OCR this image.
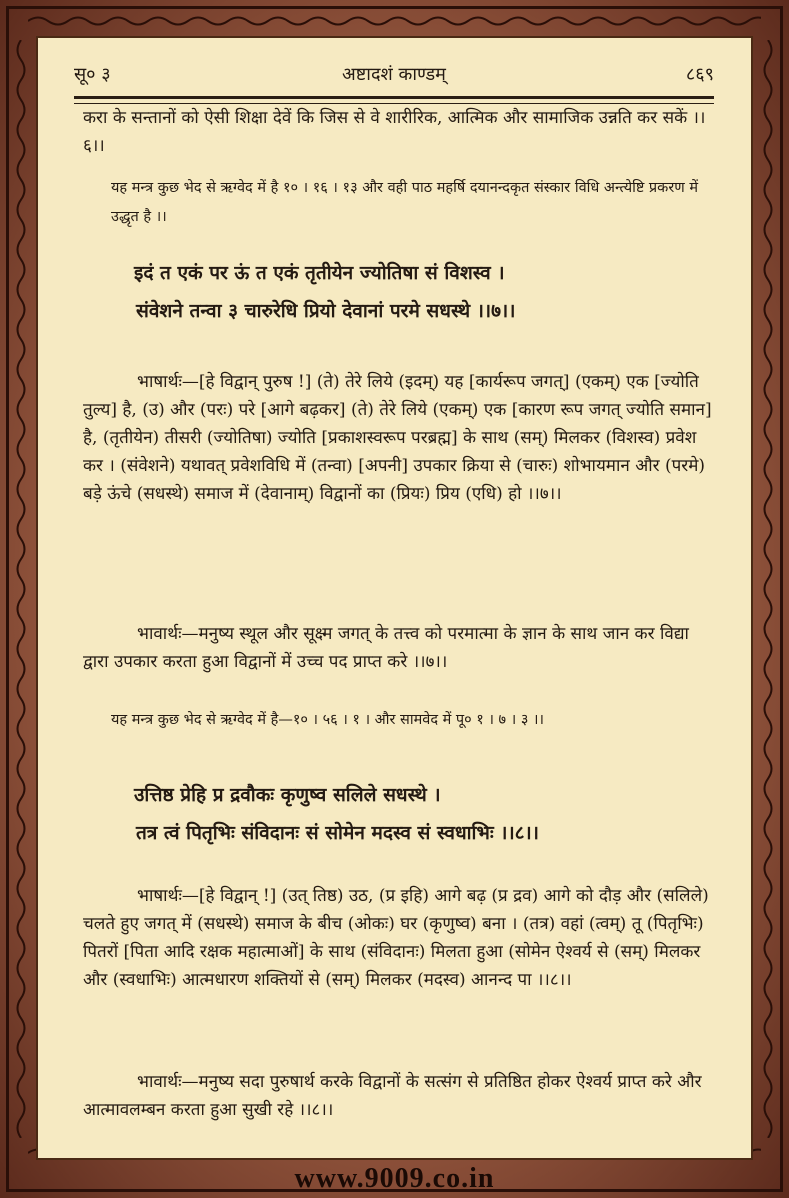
सू० ३	अष्टादशं काण्डम्	८६९
करा के सन्तानों को ऐसी शिक्षा देवें कि जिस से वे शारीरिक, आत्मिक और सामाजिक उन्नति कर सकें ।।६।।
यह मन्त्र कुछ भेद से ऋग्वेद में है १० । १६ । १३ और वही पाठ महर्षि दयानन्दकृत संस्कार विधि अन्त्येष्टि प्रकरण में उद्धृत है ।।
इदं त एकं पर ऊं त एकं तृतीयेन ज्योतिषा सं विशस्व ।
संवेशने तन्वा ३ चारुरेधि प्रियो देवानां परमे सधस्थे ।।७।।
भाषार्थः—[हे विद्वान् पुरुष !] (ते) तेरे लिये (इदम्) यह [कार्यरूप जगत्] (एकम्) एक [ज्योति तुल्य] है, (उ) और (परः) परे [आगे बढ़कर] (ते) तेरे लिये (एकम्) एक [कारण रूप जगत् ज्योति समान] है, (तृतीयेन) तीसरी (ज्योतिषा) ज्योति [प्रकाशस्वरूप परब्रह्म] के साथ (सम्) मिलकर (विशस्व) प्रवेश कर । (संवेशने) यथावत् प्रवेशविधि में (तन्वा) [अपनी] उपकार क्रिया से (चारुः) शोभायमान और (परमे) बड़े ऊंचे (सधस्थे) समाज में (देवानाम्) विद्वानों का (प्रियः) प्रिय (एधि) हो ।।७।।
भावार्थः—मनुष्य स्थूल और सूक्ष्म जगत् के तत्त्व को परमात्मा के ज्ञान के साथ जान कर विद्या द्वारा उपकार करता हुआ विद्वानों में उच्च पद प्राप्त करे ।।७।।
यह मन्त्र कुछ भेद से ऋग्वेद में है—१० । ५६ । १ । और सामवेद में पू० १ । ७ । ३ ।।
उत्तिष्ठ प्रेहि प्र द्रवौकः कृणुष्व सलिले सधस्थे ।
तत्र त्वं पितृभिः संविदानः सं सोमेन मदस्व सं स्वधाभिः ।।८।।
भाषार्थः—[हे विद्वान् !] (उत् तिष्ठ) उठ, (प्र इहि) आगे बढ़ (प्र द्रव) आगे को दौड़ और (सलिले) चलते हुए जगत् में (सधस्थे) समाज के बीच (ओकः) घर (कृणुष्व) बना । (तत्र) वहां (त्वम्) तू (पितृभिः) पितरों [पिता आदि रक्षक महात्माओं] के साथ (संविदानः) मिलता हुआ (सोमेन ऐश्वर्य से (सम्) मिलकर और (स्वधाभिः) आत्मधारण शक्तियों से (सम्) मिलकर (मदस्व) आनन्द पा ।।८।।
भावार्थः—मनुष्य सदा पुरुषार्थ करके विद्वानों के सत्संग से प्रतिष्ठित होकर ऐश्वर्य प्राप्त करे और आत्मावलम्बन करता हुआ सुखी रहे ।।८।।
www.9009.co.in
